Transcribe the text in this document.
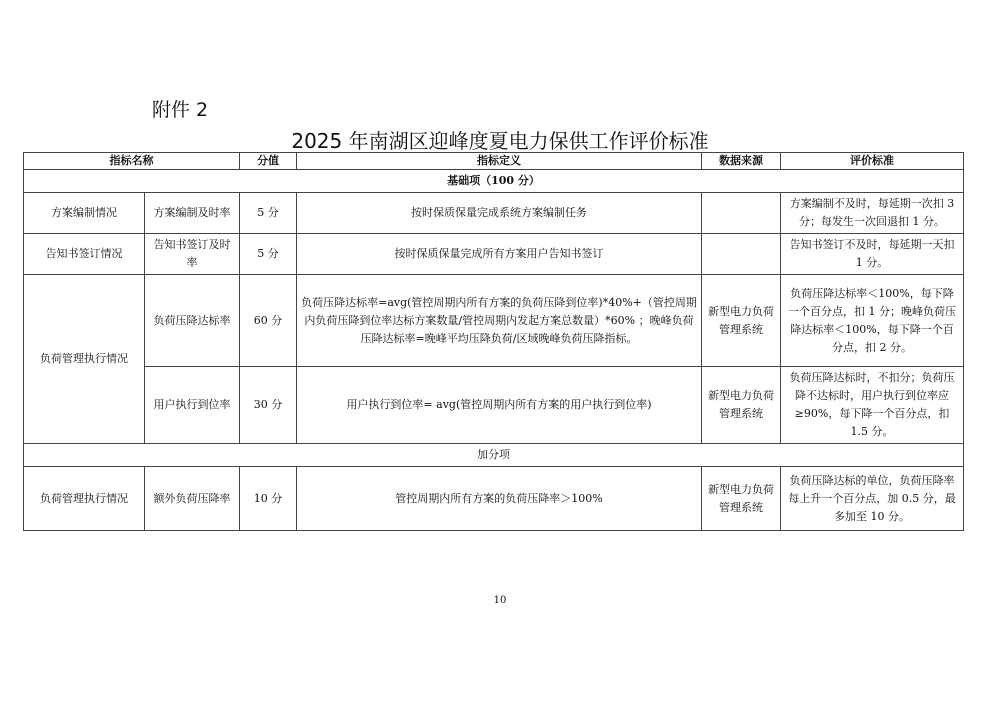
附件 2
2025 年南湖区迎峰度夏电力保供工作评价标准
指标名称		分值	指标定义	数据来源	评价标准
基础项（100 分）					
方案编制情况	方案编制及时率	5 分	按时保质保量完成系统方案编制任务		方案编制不及时，每延期一次扣 3 分；每发生一次回退扣 1 分。
告知书签订情况	告知书签订及时率	5 分	按时保质保量完成所有方案用户告知书签订		告知书签订不及时，每延期一天扣 1 分。
负荷管理执行情况	负荷压降达标率	60 分	负荷压降达标率=avg(管控周期内所有方案的负荷压降到位率)*40%+（管控周期内负荷压降到位率达标方案数量/管控周期内发起方案总数量）*60% ；晚峰负荷压降达标率=晚峰平均压降负荷/区域晚峰负荷压降指标。	新型电力负荷管理系统	负荷压降达标率＜100%，每下降一个百分点，扣 1 分；晚峰负荷压降达标率＜100%，每下降一个百分点，扣 2 分。
	用户执行到位率	30 分	用户执行到位率= avg(管控周期内所有方案的用户执行到位率)	新型电力负荷管理系统	负荷压降达标时，不扣分；负荷压降不达标时，用户执行到位率应≥90%，每下降一个百分点，扣 1.5 分。
加分项					
负荷管理执行情况	额外负荷压降率	10 分	管控周期内所有方案的负荷压降率＞100%	新型电力负荷管理系统	负荷压降达标的单位，负荷压降率每上升一个百分点，加 0.5 分，最多加至 10 分。
10
